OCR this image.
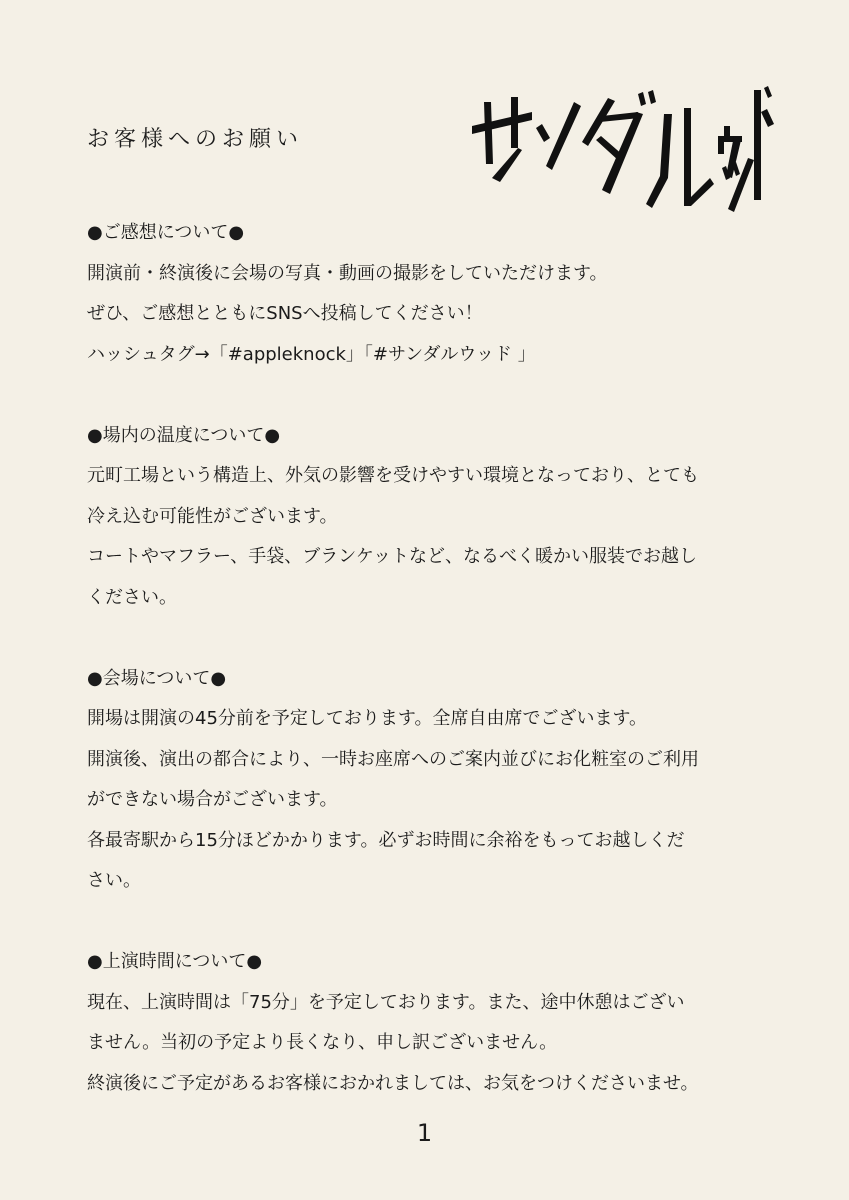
お客様へのお願い
●ご感想について●
開演前・終演後に会場の写真・動画の撮影をしていただけます。
ぜひ、ご感想とともにSNSへ投稿してください！
ハッシュタグ→「#appleknock」「#サンダルウッド 」
●場内の温度について●
元町工場という構造上、外気の影響を受けやすい環境となっており、とても
冷え込む可能性がございます。
コートやマフラー、手袋、ブランケットなど、なるべく暖かい服装でお越し
ください。
●会場について●
開場は開演の45分前を予定しております。全席自由席でございます。
開演後、演出の都合により、一時お座席へのご案内並びにお化粧室のご利用
ができない場合がございます。
各最寄駅から15分ほどかかります。必ずお時間に余裕をもってお越しくだ
さい。
●上演時間について●
現在、上演時間は「75分」を予定しております。また、途中休憩はござい
ません。当初の予定より長くなり、申し訳ございません。
終演後にご予定があるお客様におかれましては、お気をつけくださいませ。
1
